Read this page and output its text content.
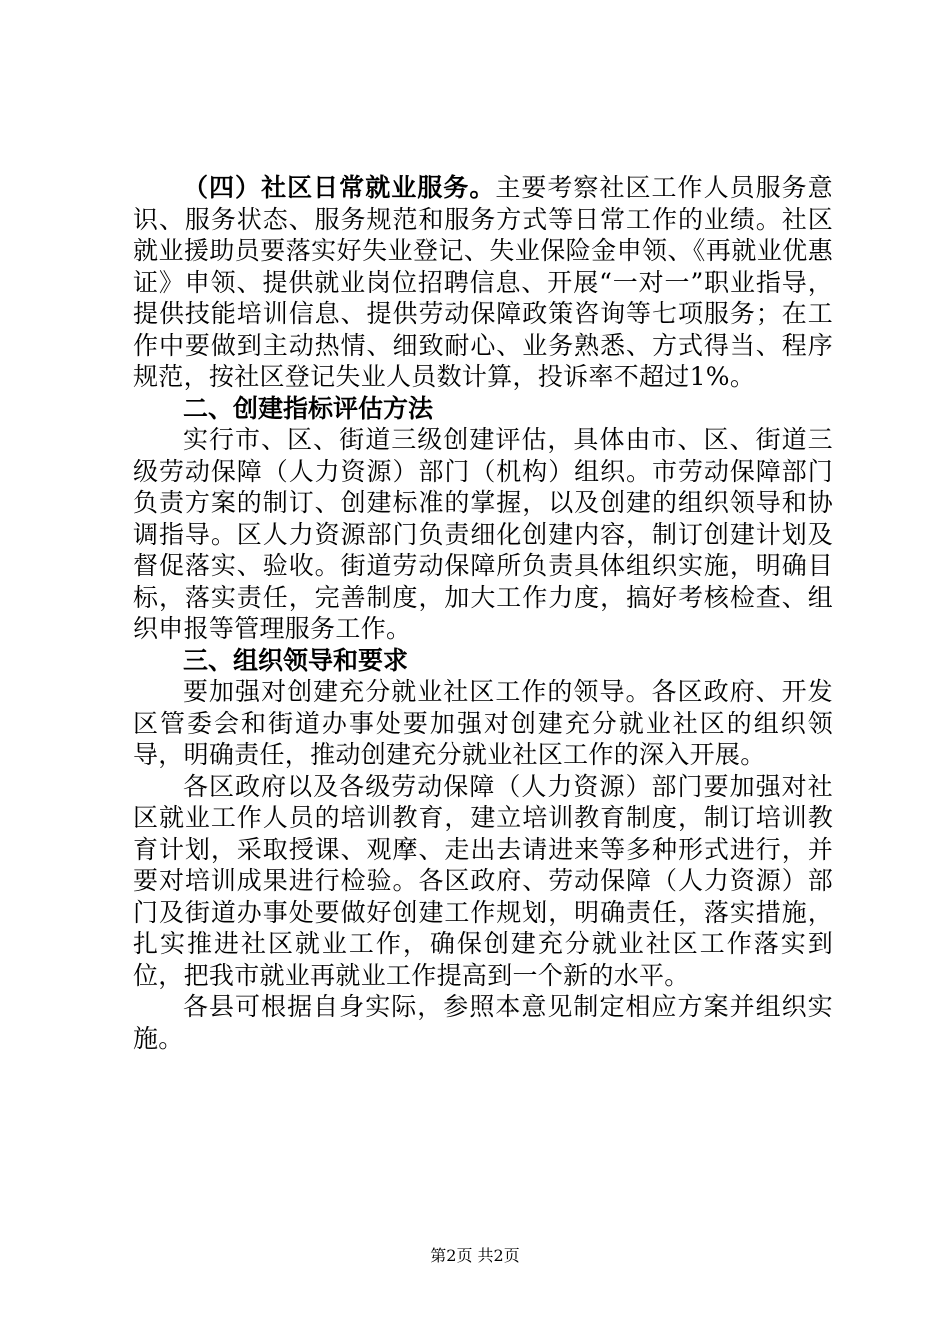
（四）社区日常就业服务。主要考察社区工作人员服务意识、服务状态、服务规范和服务方式等日常工作的业绩。社区就业援助员要落实好失业登记、失业保险金申领、《再就业优惠证》申领、提供就业岗位招聘信息、开展“一对一”职业指导，提供技能培训信息、提供劳动保障政策咨询等七项服务；在工作中要做到主动热情、细致耐心、业务熟悉、方式得当、程序规范，按社区登记失业人员数计算，投诉率不超过1%。

二、创建指标评估方法

实行市、区、街道三级创建评估，具体由市、区、街道三级劳动保障（人力资源）部门（机构）组织。市劳动保障部门负责方案的制订、创建标准的掌握，以及创建的组织领导和协调指导。区人力资源部门负责细化创建内容，制订创建计划及督促落实、验收。街道劳动保障所负责具体组织实施，明确目标，落实责任，完善制度，加大工作力度，搞好考核检查、组织申报等管理服务工作。

三、组织领导和要求

要加强对创建充分就业社区工作的领导。各区政府、开发区管委会和街道办事处要加强对创建充分就业社区的组织领导，明确责任，推动创建充分就业社区工作的深入开展。

各区政府以及各级劳动保障（人力资源）部门要加强对社区就业工作人员的培训教育，建立培训教育制度，制订培训教育计划，采取授课、观摩、走出去请进来等多种形式进行，并要对培训成果进行检验。各区政府、劳动保障（人力资源）部门及街道办事处要做好创建工作规划，明确责任，落实措施，扎实推进社区就业工作，确保创建充分就业社区工作落实到位，把我市就业再就业工作提高到一个新的水平。

各县可根据自身实际，参照本意见制定相应方案并组织实施。

第2页 共2页
